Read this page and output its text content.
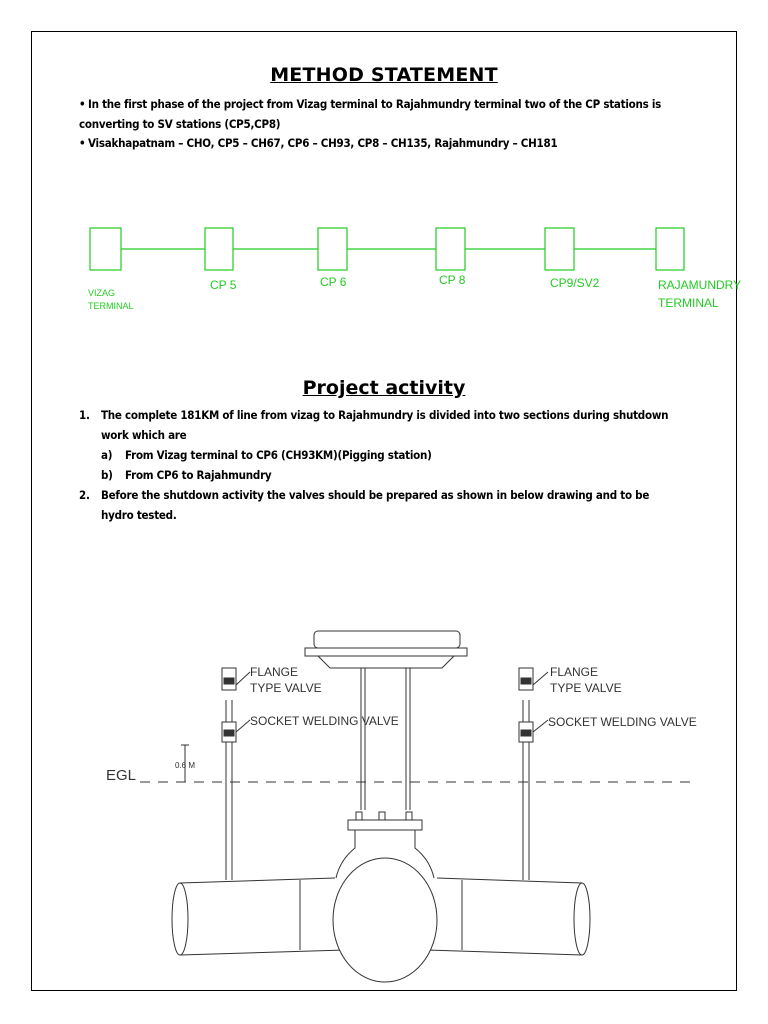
METHOD STATEMENT
• In the first phase of the project from Vizag terminal to Rajahmundry terminal two of the CP stations is
converting to SV stations (CP5,CP8)
• Visakhapatnam – CHO, CP5 – CH67, CP6 – CH93, CP8 – CH135, Rajahmundry – CH181
VIZAG
TERMINAL
CP 5	CP 6	CP 8	CP9/SV2	RAJAMUNDRY
TERMINAL
Project activity
1. The complete 181KM of line from vizag to Rajahmundry is divided into two sections during shutdown
work which are
a) From Vizag terminal to CP6 (CH93KM)(Pigging station)
b) From CP6 to Rajahmundry
2. Before the shutdown activity the valves should be prepared as shown in below drawing and to be
hydro tested.
FLANGE
TYPE VALVE
SOCKET WELDING VALVE
FLANGE
TYPE VALVE
SOCKET WELDING VALVE
EGL
0.6 M
